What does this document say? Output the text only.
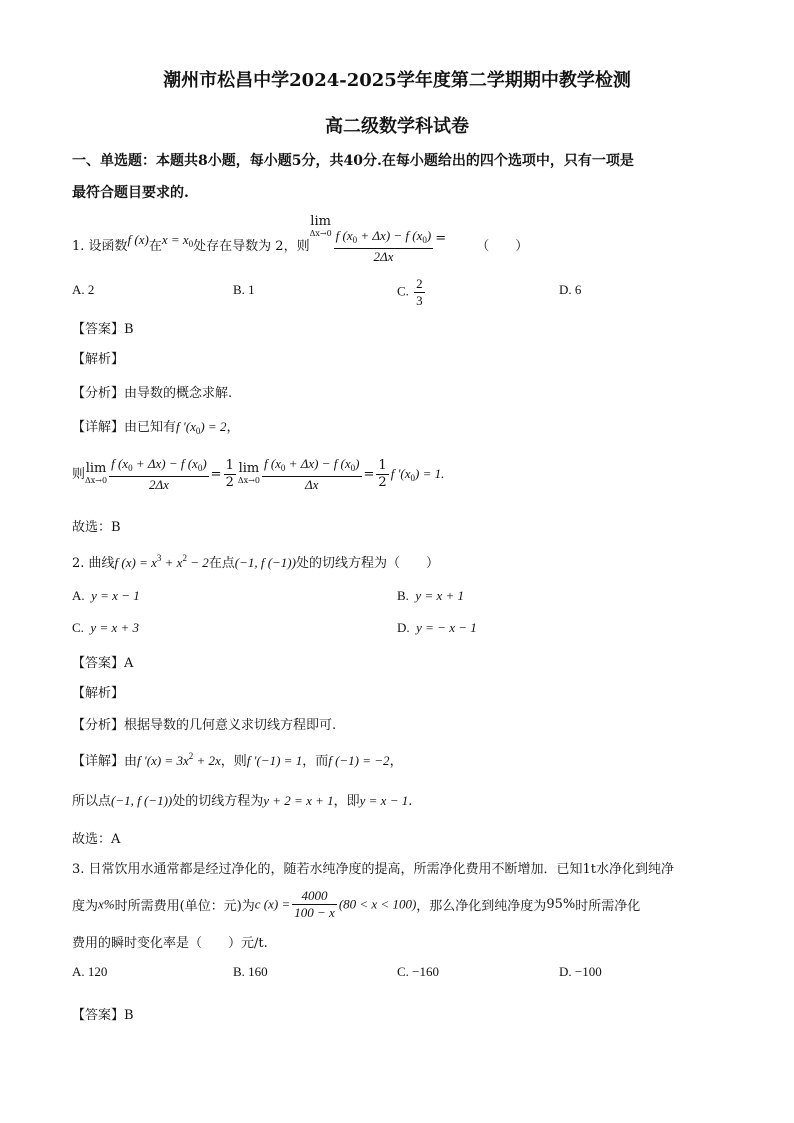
潮州市松昌中学2024-2025学年度第二学期期中教学检测
高二级数学科试卷
一、单选题：本题共8小题，每小题5分，共40分.在每小题给出的四个选项中，只有一项是
最符合题目要求的.
1. 设函数f (x)在$x = x_0$处存在导数为 2，则lim
$\Delta x\to 0 \frac{f (x_0 + \Delta x) - f (x_0)}{2\Delta x}$ = （　　）
A. 2	B. 1	C. $\frac{2}{3}$	D. 6
【答案】B
【解析】
【分析】由导数的概念求解.
【详解】由已知有f $'(x_0) = 2$，
则lim
$\Delta x\to 0 \frac{f (x_0 + \Delta x) - f (x_0)}{2\Delta x} = \frac{1}{2}$ lim
$\Delta x\to 0 \frac{f (x_0 + \Delta x) - f (x_0)}{\Delta x} = \frac{1}{2}$ f $'(x_0) = 1$.
故选：B
2. 曲线f $(x) = x^3 + x^2 - 2$在点(−1, f (−1))处的切线方程为（　　）
A. y = x − 1	B. y = x + 1
C. y = x + 3	D. y = − x − 1
【答案】A
【解析】
【分析】根据导数的几何意义求切线方程即可.
【详解】由f $'(x) = 3x^2 + 2x$，则f ′(−1) = 1，而f (−1) = −2，
所以点(−1, f (−1))处的切线方程为y + 2 = x + 1，即y = x − 1.
故选：A
3. 日常饮用水通常都是经过净化的，随若水纯净度的提高，所需净化费用不断增加．已知1t水净化到纯净
度为x%时所需费用(单位：元)为c $(x) = \frac{4000}{100 - x} (80 < x < 100)$，那么净化到纯净度为95%时所需净化
费用的瞬时变化率是（　　）元/t.
A. 120	B. 160	C. −160	D. −100
【答案】B
